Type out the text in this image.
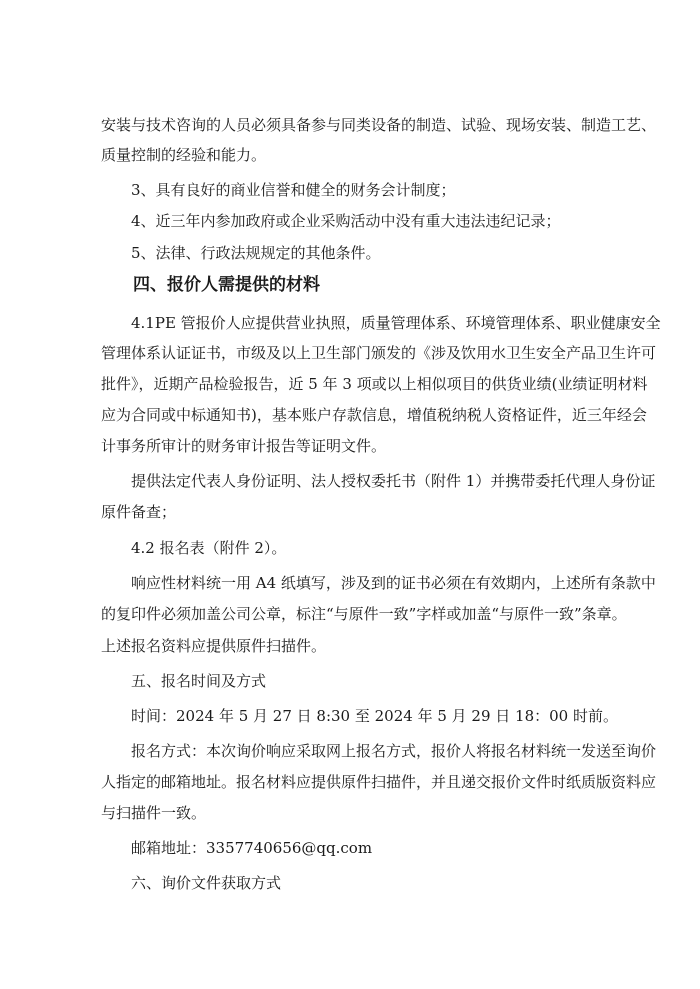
安装与技术咨询的人员必须具备参与同类设备的制造、试验、现场安装、制造工艺、
质量控制的经验和能力。
3、具有良好的商业信誉和健全的财务会计制度；
4、近三年内参加政府或企业采购活动中没有重大违法违纪记录；
5、法律、行政法规规定的其他条件。
四、报价人需提供的材料
4.1PE 管报价人应提供营业执照，质量管理体系、环境管理体系、职业健康安全
管理体系认证证书，市级及以上卫生部门颁发的《涉及饮用水卫生安全产品卫生许可
批件》，近期产品检验报告，近 5 年 3 项或以上相似项目的供货业绩(业绩证明材料
应为合同或中标通知书)，基本账户存款信息，增值税纳税人资格证件，近三年经会
计事务所审计的财务审计报告等证明文件。
提供法定代表人身份证明、法人授权委托书（附件 1）并携带委托代理人身份证
原件备查；
4.2 报名表（附件 2）。
响应性材料统一用 A4 纸填写，涉及到的证书必须在有效期内，上述所有条款中
的复印件必须加盖公司公章，标注“与原件一致”字样或加盖“与原件一致”条章。
上述报名资料应提供原件扫描件。
五、报名时间及方式
时间：2024 年 5 月 27 日 8:30 至 2024 年 5 月 29 日 18：00 时前。
报名方式：本次询价响应采取网上报名方式，报价人将报名材料统一发送至询价
人指定的邮箱地址。报名材料应提供原件扫描件，并且递交报价文件时纸质版资料应
与扫描件一致。
邮箱地址：3357740656@qq.com
六、询价文件获取方式
